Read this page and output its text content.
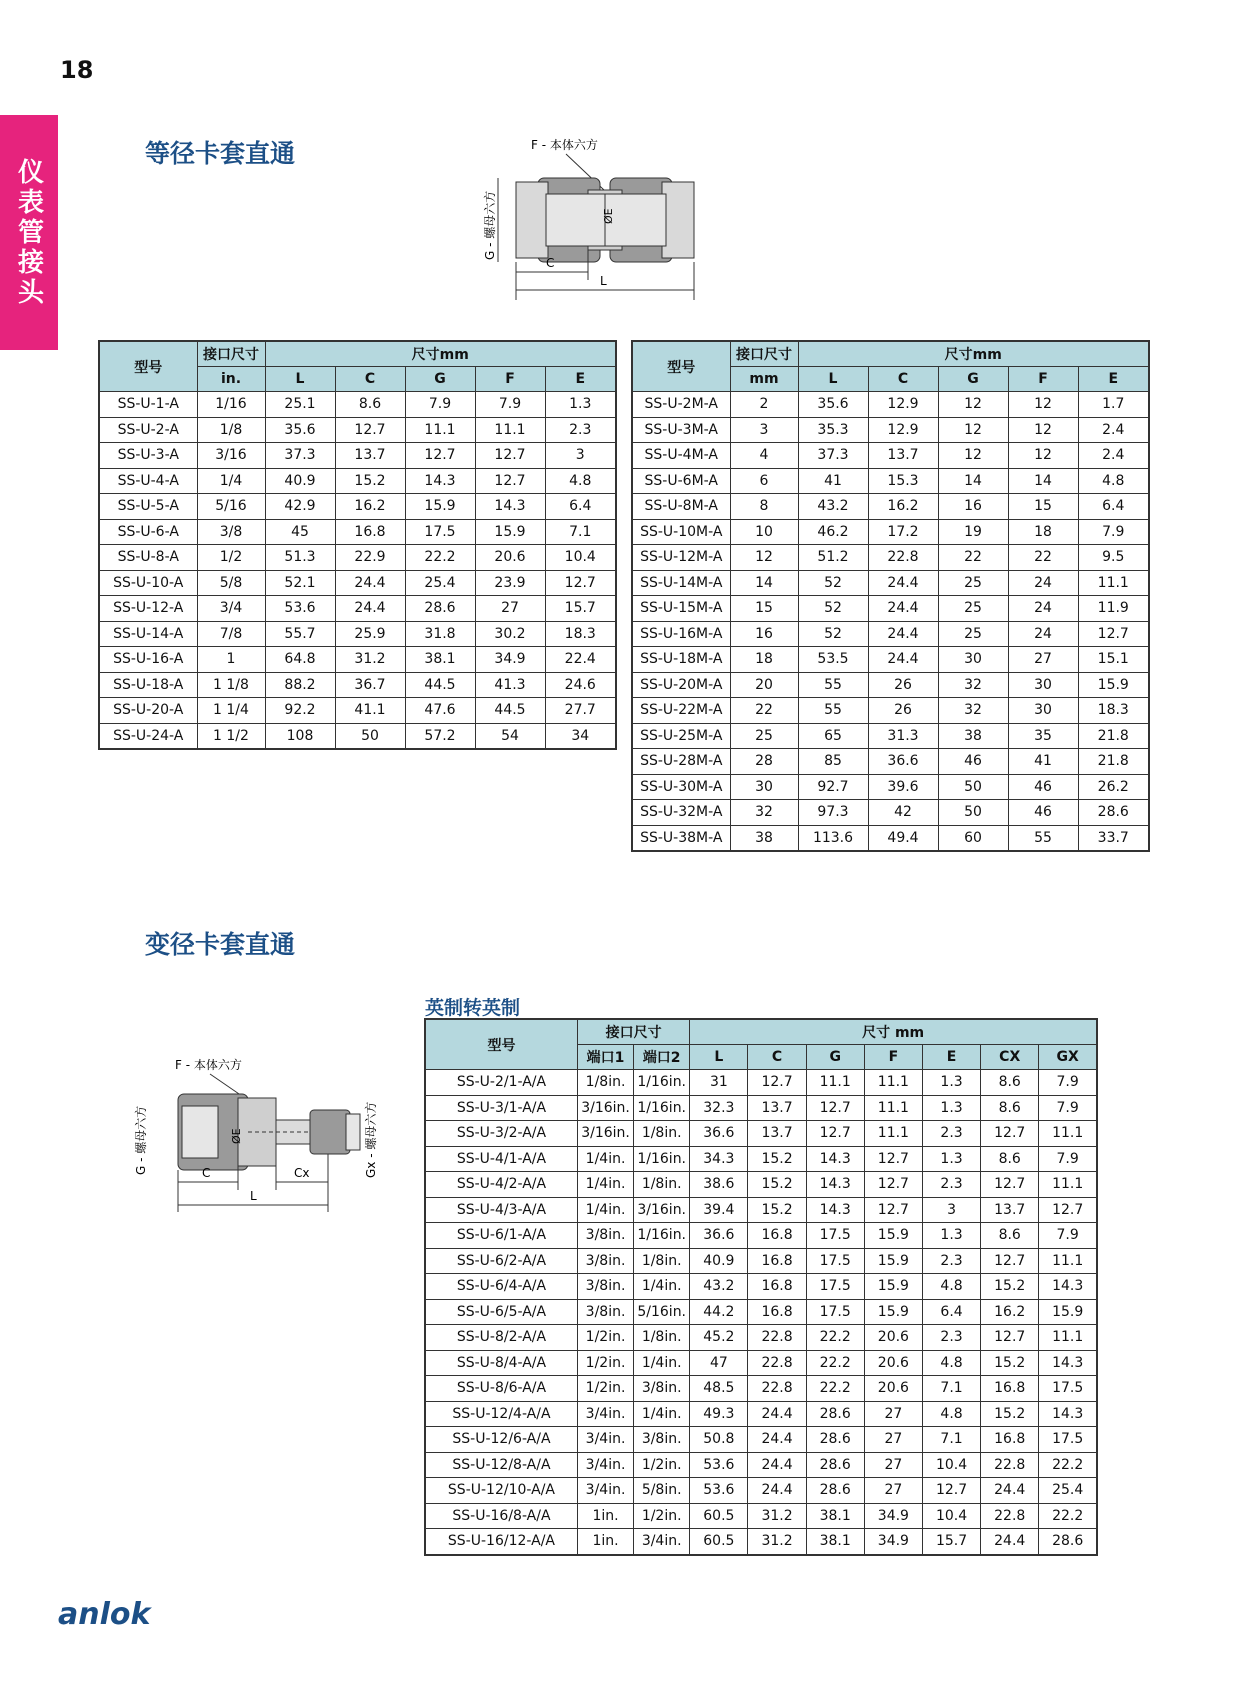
18
仪表管接头
等径卡套直通	F - 本体六方
G - 螺母六方	ØE
C
L
型号	接口尺寸	尺寸mm				
	in.	L	C	G	F	E
SS-U-1-A	1/16	25.1	8.6	7.9	7.9	1.3
SS-U-2-A	1/8	35.6	12.7	11.1	11.1	2.3
SS-U-3-A	3/16	37.3	13.7	12.7	12.7	3
SS-U-4-A	1/4	40.9	15.2	14.3	12.7	4.8
SS-U-5-A	5/16	42.9	16.2	15.9	14.3	6.4
SS-U-6-A	3/8	45	16.8	17.5	15.9	7.1
SS-U-8-A	1/2	51.3	22.9	22.2	20.6	10.4
SS-U-10-A	5/8	52.1	24.4	25.4	23.9	12.7
SS-U-12-A	3/4	53.6	24.4	28.6	27	15.7
SS-U-14-A	7/8	55.7	25.9	31.8	30.2	18.3
SS-U-16-A	1	64.8	31.2	38.1	34.9	22.4
SS-U-18-A	1 1/8	88.2	36.7	44.5	41.3	24.6
SS-U-20-A	1 1/4	92.2	41.1	47.6	44.5	27.7
SS-U-24-A	1 1/2	108	50	57.2	54	34
型号	接口尺寸	尺寸mm				
	mm	L	C	G	F	E
SS-U-2M-A	2	35.6	12.9	12	12	1.7
SS-U-3M-A	3	35.3	12.9	12	12	2.4
SS-U-4M-A	4	37.3	13.7	12	12	2.4
SS-U-6M-A	6	41	15.3	14	14	4.8
SS-U-8M-A	8	43.2	16.2	16	15	6.4
SS-U-10M-A	10	46.2	17.2	19	18	7.9
SS-U-12M-A	12	51.2	22.8	22	22	9.5
SS-U-14M-A	14	52	24.4	25	24	11.1
SS-U-15M-A	15	52	24.4	25	24	11.9
SS-U-16M-A	16	52	24.4	25	24	12.7
SS-U-18M-A	18	53.5	24.4	30	27	15.1
SS-U-20M-A	20	55	26	32	30	15.9
SS-U-22M-A	22	55	26	32	30	18.3
SS-U-25M-A	25	65	31.3	38	35	21.8
SS-U-28M-A	28	85	36.6	46	41	21.8
SS-U-30M-A	30	92.7	39.6	50	46	26.2
SS-U-32M-A	32	97.3	42	50	46	28.6
SS-U-38M-A	38	113.6	49.4	60	55	33.7
变径卡套直通
英制转英制
F - 本体六方
G - 螺母六方	Gx - 螺母六方
ØE
C	Cx
L
型号	接口尺寸		尺寸 mm						
	端口1	端口2	L	C	G	F	E	CX	GX
SS-U-2/1-A/A	1/8in.	1/16in.	31	12.7	11.1	11.1	1.3	8.6	7.9
SS-U-3/1-A/A	3/16in.	1/16in.	32.3	13.7	12.7	11.1	1.3	8.6	7.9
SS-U-3/2-A/A	3/16in.	1/8in.	36.6	13.7	12.7	11.1	2.3	12.7	11.1
SS-U-4/1-A/A	1/4in.	1/16in.	34.3	15.2	14.3	12.7	1.3	8.6	7.9
SS-U-4/2-A/A	1/4in.	1/8in.	38.6	15.2	14.3	12.7	2.3	12.7	11.1
SS-U-4/3-A/A	1/4in.	3/16in.	39.4	15.2	14.3	12.7	3	13.7	12.7
SS-U-6/1-A/A	3/8in.	1/16in.	36.6	16.8	17.5	15.9	1.3	8.6	7.9
SS-U-6/2-A/A	3/8in.	1/8in.	40.9	16.8	17.5	15.9	2.3	12.7	11.1
SS-U-6/4-A/A	3/8in.	1/4in.	43.2	16.8	17.5	15.9	4.8	15.2	14.3
SS-U-6/5-A/A	3/8in.	5/16in.	44.2	16.8	17.5	15.9	6.4	16.2	15.9
SS-U-8/2-A/A	1/2in.	1/8in.	45.2	22.8	22.2	20.6	2.3	12.7	11.1
SS-U-8/4-A/A	1/2in.	1/4in.	47	22.8	22.2	20.6	4.8	15.2	14.3
SS-U-8/6-A/A	1/2in.	3/8in.	48.5	22.8	22.2	20.6	7.1	16.8	17.5
SS-U-12/4-A/A	3/4in.	1/4in.	49.3	24.4	28.6	27	4.8	15.2	14.3
SS-U-12/6-A/A	3/4in.	3/8in.	50.8	24.4	28.6	27	7.1	16.8	17.5
SS-U-12/8-A/A	3/4in.	1/2in.	53.6	24.4	28.6	27	10.4	22.8	22.2
SS-U-12/10-A/A	3/4in.	5/8in.	53.6	24.4	28.6	27	12.7	24.4	25.4
SS-U-16/8-A/A	1in.	1/2in.	60.5	31.2	38.1	34.9	10.4	22.8	22.2
SS-U-16/12-A/A	1in.	3/4in.	60.5	31.2	38.1	34.9	15.7	24.4	28.6
anlok
